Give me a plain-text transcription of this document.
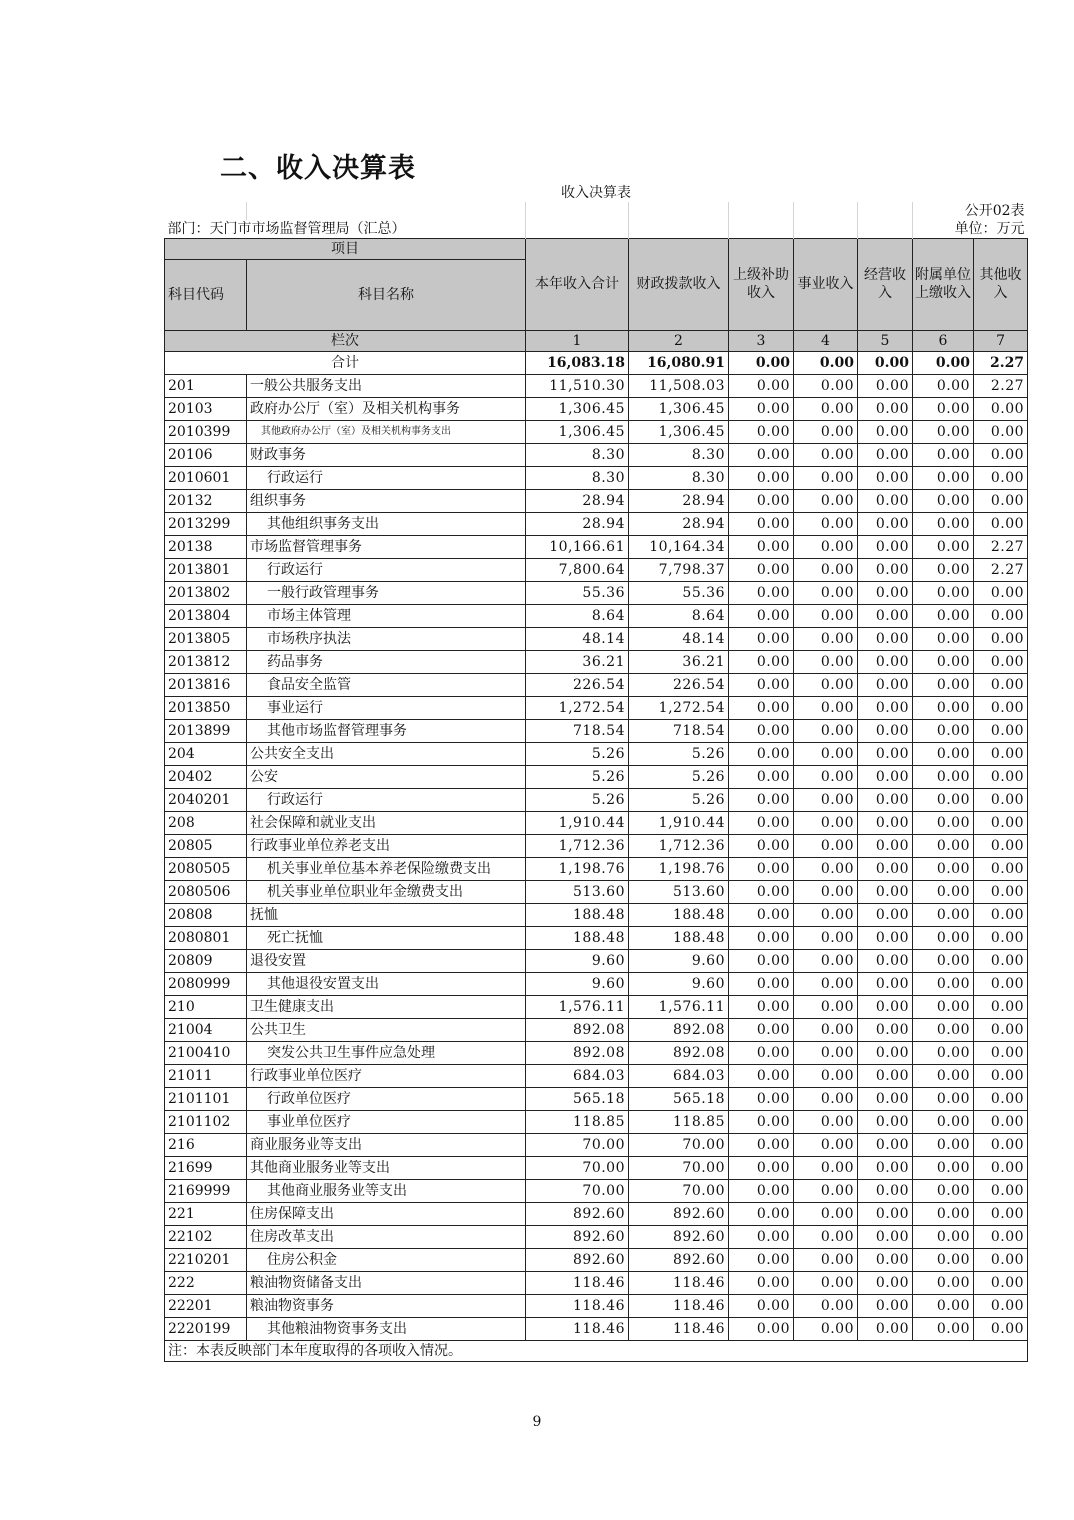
二、收入决算表
收入决算表								
							公开02表	
部门：天门市市场监督管理局（汇总）							单位：万元	
项目		本年收入合计	财政拨款收入	上级补助收入	事业收入	经营收入	附属单位上缴收入	其他收入
科目代码	科目名称							
栏次		1	2	3	4	5	6	7
合计		16,083.18	16,080.91	0.00	0.00	0.00	0.00	2.27
201	一般公共服务支出	11,510.30	11,508.03	0.00	0.00	0.00	0.00	2.27
20103	政府办公厅（室）及相关机构事务	1,306.45	1,306.45	0.00	0.00	0.00	0.00	0.00
2010399	其他政府办公厅（室）及相关机构事务支出	1,306.45	1,306.45	0.00	0.00	0.00	0.00	0.00
20106	财政事务	8.30	8.30	0.00	0.00	0.00	0.00	0.00
2010601	行政运行	8.30	8.30	0.00	0.00	0.00	0.00	0.00
20132	组织事务	28.94	28.94	0.00	0.00	0.00	0.00	0.00
2013299	其他组织事务支出	28.94	28.94	0.00	0.00	0.00	0.00	0.00
20138	市场监督管理事务	10,166.61	10,164.34	0.00	0.00	0.00	0.00	2.27
2013801	行政运行	7,800.64	7,798.37	0.00	0.00	0.00	0.00	2.27
2013802	一般行政管理事务	55.36	55.36	0.00	0.00	0.00	0.00	0.00
2013804	市场主体管理	8.64	8.64	0.00	0.00	0.00	0.00	0.00
2013805	市场秩序执法	48.14	48.14	0.00	0.00	0.00	0.00	0.00
2013812	药品事务	36.21	36.21	0.00	0.00	0.00	0.00	0.00
2013816	食品安全监管	226.54	226.54	0.00	0.00	0.00	0.00	0.00
2013850	事业运行	1,272.54	1,272.54	0.00	0.00	0.00	0.00	0.00
2013899	其他市场监督管理事务	718.54	718.54	0.00	0.00	0.00	0.00	0.00
204	公共安全支出	5.26	5.26	0.00	0.00	0.00	0.00	0.00
20402	公安	5.26	5.26	0.00	0.00	0.00	0.00	0.00
2040201	行政运行	5.26	5.26	0.00	0.00	0.00	0.00	0.00
208	社会保障和就业支出	1,910.44	1,910.44	0.00	0.00	0.00	0.00	0.00
20805	行政事业单位养老支出	1,712.36	1,712.36	0.00	0.00	0.00	0.00	0.00
2080505	机关事业单位基本养老保险缴费支出	1,198.76	1,198.76	0.00	0.00	0.00	0.00	0.00
2080506	机关事业单位职业年金缴费支出	513.60	513.60	0.00	0.00	0.00	0.00	0.00
20808	抚恤	188.48	188.48	0.00	0.00	0.00	0.00	0.00
2080801	死亡抚恤	188.48	188.48	0.00	0.00	0.00	0.00	0.00
20809	退役安置	9.60	9.60	0.00	0.00	0.00	0.00	0.00
2080999	其他退役安置支出	9.60	9.60	0.00	0.00	0.00	0.00	0.00
210	卫生健康支出	1,576.11	1,576.11	0.00	0.00	0.00	0.00	0.00
21004	公共卫生	892.08	892.08	0.00	0.00	0.00	0.00	0.00
2100410	突发公共卫生事件应急处理	892.08	892.08	0.00	0.00	0.00	0.00	0.00
21011	行政事业单位医疗	684.03	684.03	0.00	0.00	0.00	0.00	0.00
2101101	行政单位医疗	565.18	565.18	0.00	0.00	0.00	0.00	0.00
2101102	事业单位医疗	118.85	118.85	0.00	0.00	0.00	0.00	0.00
216	商业服务业等支出	70.00	70.00	0.00	0.00	0.00	0.00	0.00
21699	其他商业服务业等支出	70.00	70.00	0.00	0.00	0.00	0.00	0.00
2169999	其他商业服务业等支出	70.00	70.00	0.00	0.00	0.00	0.00	0.00
221	住房保障支出	892.60	892.60	0.00	0.00	0.00	0.00	0.00
22102	住房改革支出	892.60	892.60	0.00	0.00	0.00	0.00	0.00
2210201	住房公积金	892.60	892.60	0.00	0.00	0.00	0.00	0.00
222	粮油物资储备支出	118.46	118.46	0.00	0.00	0.00	0.00	0.00
22201	粮油物资事务	118.46	118.46	0.00	0.00	0.00	0.00	0.00
2220199	其他粮油物资事务支出	118.46	118.46	0.00	0.00	0.00	0.00	0.00
注：本表反映部门本年度取得的各项收入情况。								
9
